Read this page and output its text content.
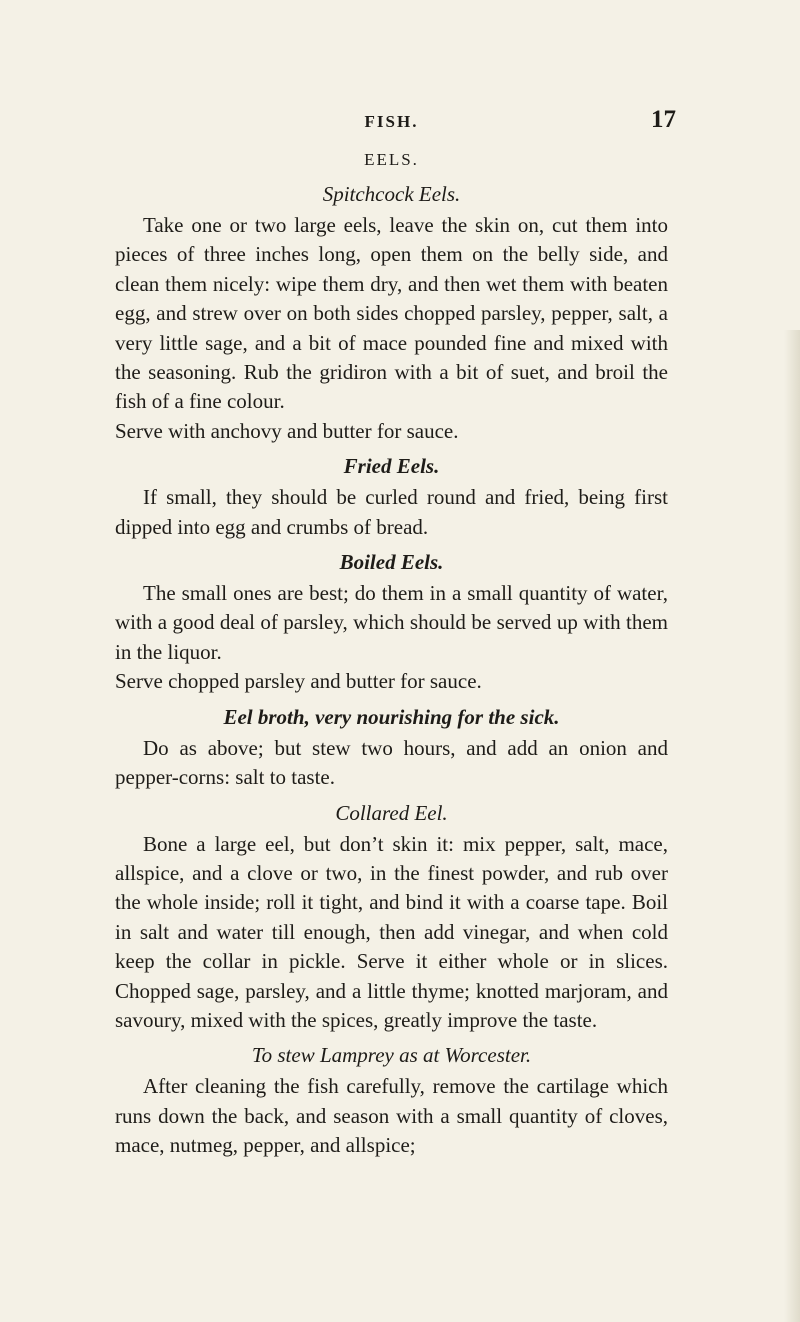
FISH.	17
EELS.
Spitchcock Eels.

Take one or two large eels, leave the skin on, cut them into pieces of three inches long, open them on the belly side, and clean them nicely: wipe them dry, and then wet them with beaten egg, and strew over on both sides chopped parsley, pepper, salt, a very little sage, and a bit of mace pounded fine and mixed with the seasoning. Rub the gridiron with a bit of suet, and broil the fish of a fine colour.

Serve with anchovy and butter for sauce.

Fried Eels.

If small, they should be curled round and fried, being first dipped into egg and crumbs of bread.

Boiled Eels.

The small ones are best; do them in a small quantity of water, with a good deal of parsley, which should be served up with them in the liquor.

Serve chopped parsley and butter for sauce.

Eel broth, very nourishing for the sick.

Do as above; but stew two hours, and add an onion and pepper-corns: salt to taste.

Collared Eel.

Bone a large eel, but don’t skin it: mix pepper, salt, mace, allspice, and a clove or two, in the finest powder, and rub over the whole inside; roll it tight, and bind it with a coarse tape. Boil in salt and water till enough, then add vinegar, and when cold keep the collar in pickle. Serve it either whole or in slices. Chopped sage, parsley, and a little thyme; knotted marjoram, and savoury, mixed with the spices, greatly improve the taste.

To stew Lamprey as at Worcester.

After cleaning the fish carefully, remove the cartilage which runs down the back, and season with a small quantity of cloves, mace, nutmeg, pepper, and allspice;
